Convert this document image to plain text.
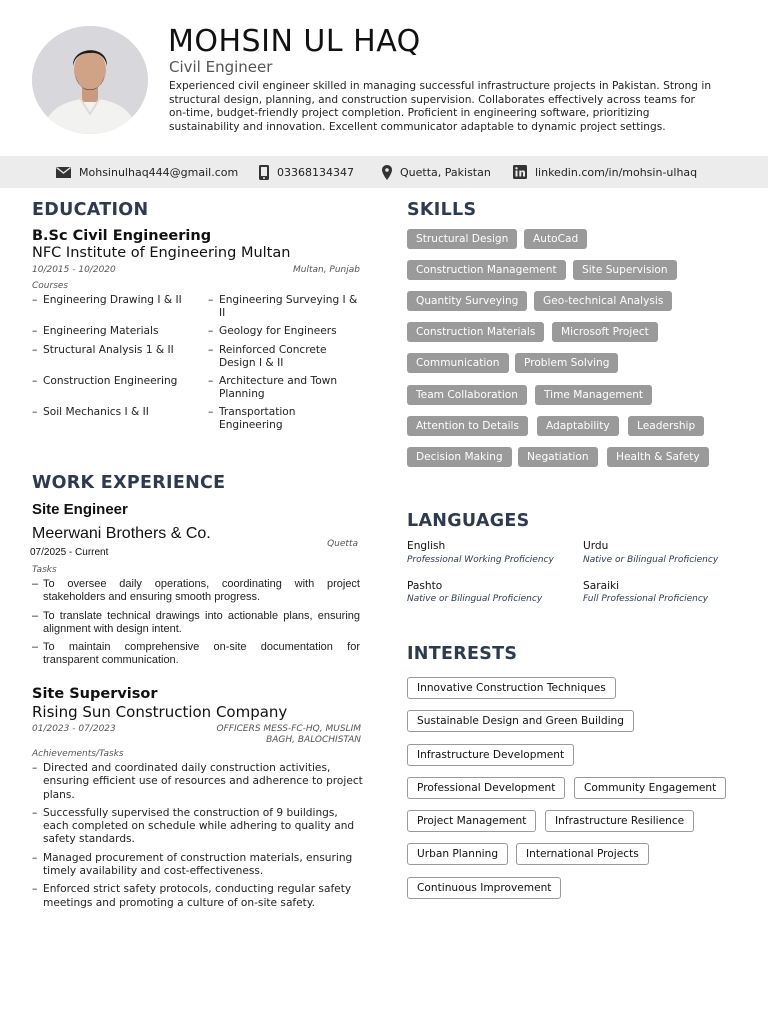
MOHSIN UL HAQ
Civil Engineer
Experienced civil engineer skilled in managing successful infrastructure projects in Pakistan. Strong in structural design, planning, and construction supervision. Collaborates effectively across teams for on-time, budget-friendly project completion. Proficient in engineering software, prioritizing sustainability and innovation. Excellent communicator adaptable to dynamic project settings.
Mohsinulhaq444@gmail.com	03368134347	Quetta, Pakistan	linkedin.com/in/mohsin-ulhaq
EDUCATION
B.Sc Civil Engineering
NFC Institute of Engineering Multan
10/2015 - 10/2020	Multan, Punjab
Courses
– Engineering Drawing I & II	– Engineering Surveying I & II
– Engineering Materials	– Geology for Engineers
– Structural Analysis 1 & II	– Reinforced Concrete Design I & II
– Construction Engineering	– Architecture and Town Planning
– Soil Mechanics I & II	– Transportation Engineering
WORK EXPERIENCE
Site Engineer
Meerwani Brothers & Co.
07/2025 - Current
Quetta
Tasks
– To oversee daily operations, coordinating with project stakeholders and ensuring smooth progress.
– To translate technical drawings into actionable plans, ensuring alignment with design intent.
– To maintain comprehensive on-site documentation for transparent communication.
Site Supervisor
Rising Sun Construction Company
01/2023 - 07/2023	OFFICERS MESS-FC-HQ, MUSLIM BAGH, BALOCHISTAN
Achievements/Tasks
– Directed and coordinated daily construction activities, ensuring efficient use of resources and adherence to project plans.
– Successfully supervised the construction of 9 buildings, each completed on schedule while adhering to quality and safety standards.
– Managed procurement of construction materials, ensuring timely availability and cost-effectiveness.
– Enforced strict safety protocols, conducting regular safety meetings and promoting a culture of on-site safety.
SKILLS
Structural Design	AutoCad
Construction Management	Site Supervision
Quantity Surveying	Geo-technical Analysis
Construction Materials	Microsoft Project
Communication	Problem Solving
Team Collaboration	Time Management
Attention to Details	Adaptability	Leadership
Decision Making	Negatiation	Health & Safety
LANGUAGES
English
Professional Working Proficiency
Urdu
Native or Bilingual Proficiency
Pashto
Native or Bilingual Proficiency
Saraiki
Full Professional Proficiency
INTERESTS
Innovative Construction Techniques
Sustainable Design and Green Building
Infrastructure Development
Professional Development	Community Engagement
Project Management	Infrastructure Resilience
Urban Planning	International Projects
Continuous Improvement
